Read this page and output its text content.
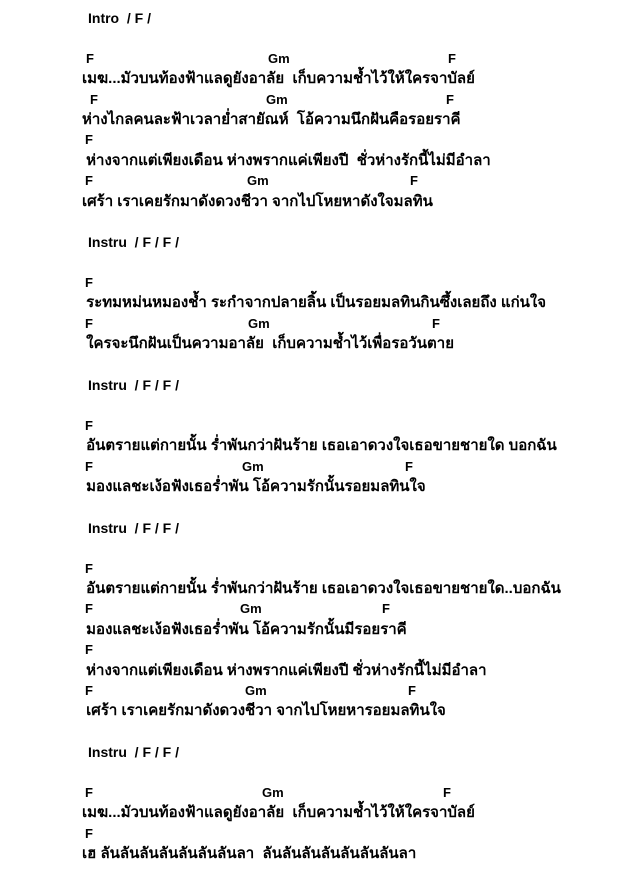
Intro  / F /
F	Gm	F
เมฆ...มัวบนท้องฟ้าแลดูยังอาลัย  เก็บความช้ำไว้ให้ใครจาบัลย์
F	Gm	F
ห่างไกลคนละฟ้าเวลาย่ำสายัณห์  โอ้ความนึกฝันคือรอยราคี
F
ห่างจากแต่เพียงเดือน ห่างพรากแค่เพียงปี  ชั่วห่างรักนี้ไม่มีอำลา
F	Gm	F
เศร้า เราเคยรักมาดังดวงชีวา จากไปโหยหาดังใจมลทิน
Instru  / F / F /
F
ระทมหม่นหมองช้ำ ระกำจากปลายลิ้น เป็นรอยมลทินกินซึ้งเลยถึง แก่นใจ
F	Gm	F
ใครจะนึกฝันเป็นความอาลัย  เก็บความช้ำไว้เพื่อรอวันตาย
Instru  / F / F /
F
อันตรายแต่กายนั้น ร่ำพันกว่าฝันร้าย เธอเอาดวงใจเธอขายชายใด บอกฉัน
F	Gm	F
มองแลชะเง้อฟังเธอร่ำพัน โอ้ความรักนั้นรอยมลทินใจ
Instru  / F / F /
F
อันตรายแต่กายนั้น ร่ำพันกว่าฝันร้าย เธอเอาดวงใจเธอขายชายใด..บอกฉัน
F	Gm	F
มองแลชะเง้อฟังเธอร่ำพัน โอ้ความรักนั้นมีรอยราคี
F
ห่างจากแต่เพียงเดือน ห่างพรากแค่เพียงปี ชั่วห่างรักนี้ไม่มีอำลา
F	Gm	F
เศร้า เราเคยรักมาดังดวงชีวา จากไปโหยหารอยมลทินใจ
Instru  / F / F /
F	Gm	F
เมฆ...มัวบนท้องฟ้าแลดูยังอาลัย  เก็บความช้ำไว้ให้ใครจาบัลย์
F
เฮ ลันลันลันลันลันลันลันลา  ลันลันลันลันลันลันลันลา
